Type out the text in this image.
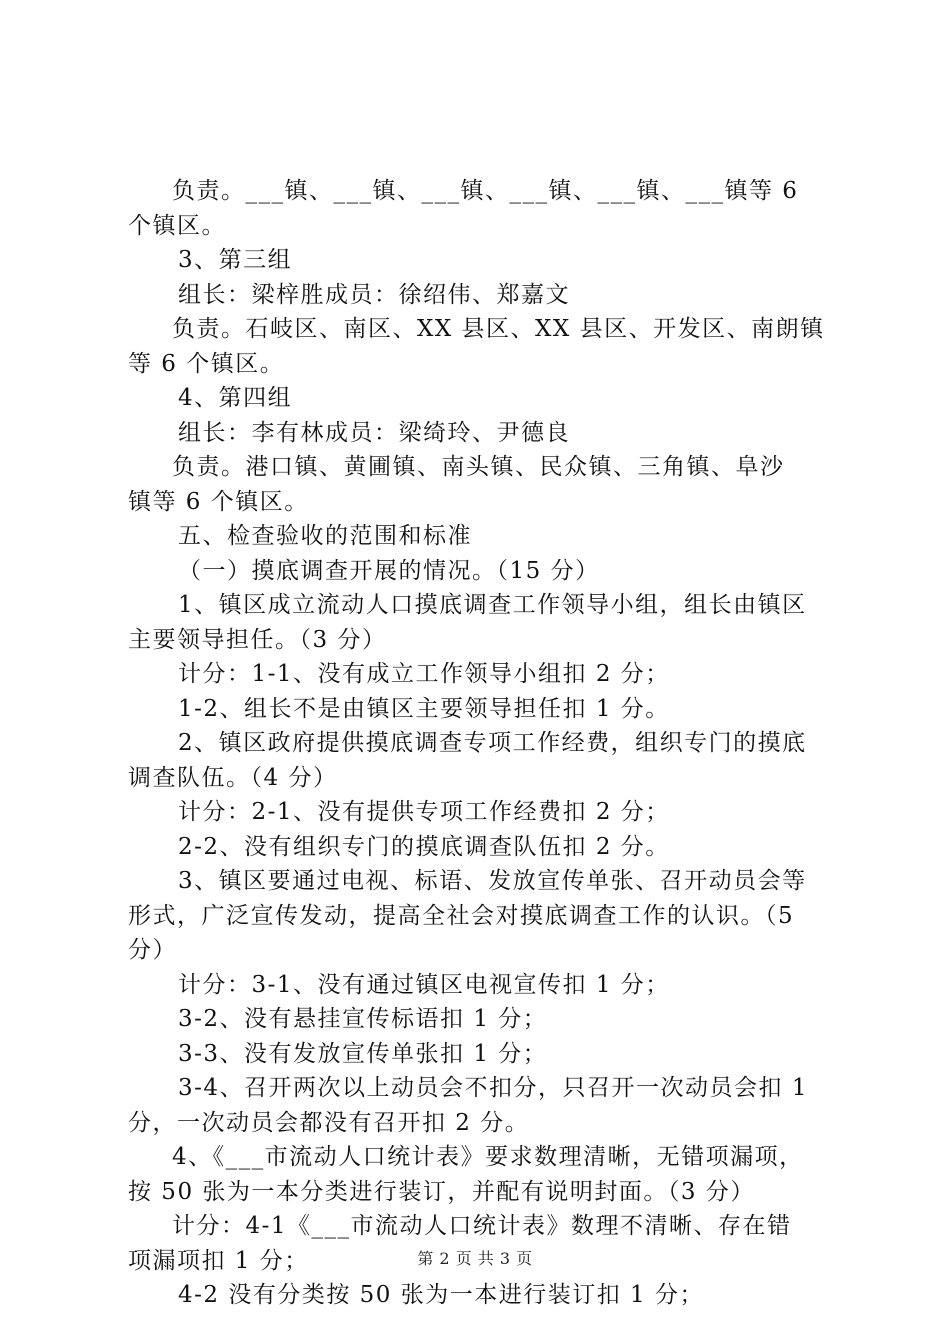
负责。___镇、___镇、___镇、___镇、___镇、___镇等 6

个镇区。

3、第三组

组长：梁梓胜成员：徐绍伟、郑嘉文

负责。石岐区、南区、XX 县区、XX 县区、开发区、南朗镇

等 6 个镇区。

4、第四组

组长：李有林成员：梁绮玲、尹德良

负责。港口镇、黄圃镇、南头镇、民众镇、三角镇、阜沙

镇等 6 个镇区。

五、检查验收的范围和标准

（一）摸底调查开展的情况。（15 分）

1、镇区成立流动人口摸底调查工作领导小组，组长由镇区

主要领导担任。（3 分）

计分：1-1、没有成立工作领导小组扣 2 分；

1-2、组长不是由镇区主要领导担任扣 1 分。

2、镇区政府提供摸底调查专项工作经费，组织专门的摸底

调查队伍。（4 分）

计分：2-1、没有提供专项工作经费扣 2 分；

2-2、没有组织专门的摸底调查队伍扣 2 分。

3、镇区要通过电视、标语、发放宣传单张、召开动员会等

形式，广泛宣传发动，提高全社会对摸底调查工作的认识。（5

分）

计分：3-1、没有通过镇区电视宣传扣 1 分；

3-2、没有悬挂宣传标语扣 1 分；

3-3、没有发放宣传单张扣 1 分；

3-4、召开两次以上动员会不扣分，只召开一次动员会扣 1

分，一次动员会都没有召开扣 2 分。

4、《___市流动人口统计表》要求数理清晰，无错项漏项，

按 50 张为一本分类进行装订，并配有说明封面。（3 分）

计分：4-1《___市流动人口统计表》数理不清晰、存在错

项漏项扣 1 分；

4-2 没有分类按 50 张为一本进行装订扣 1 分；

第 2 页 共 3 页
